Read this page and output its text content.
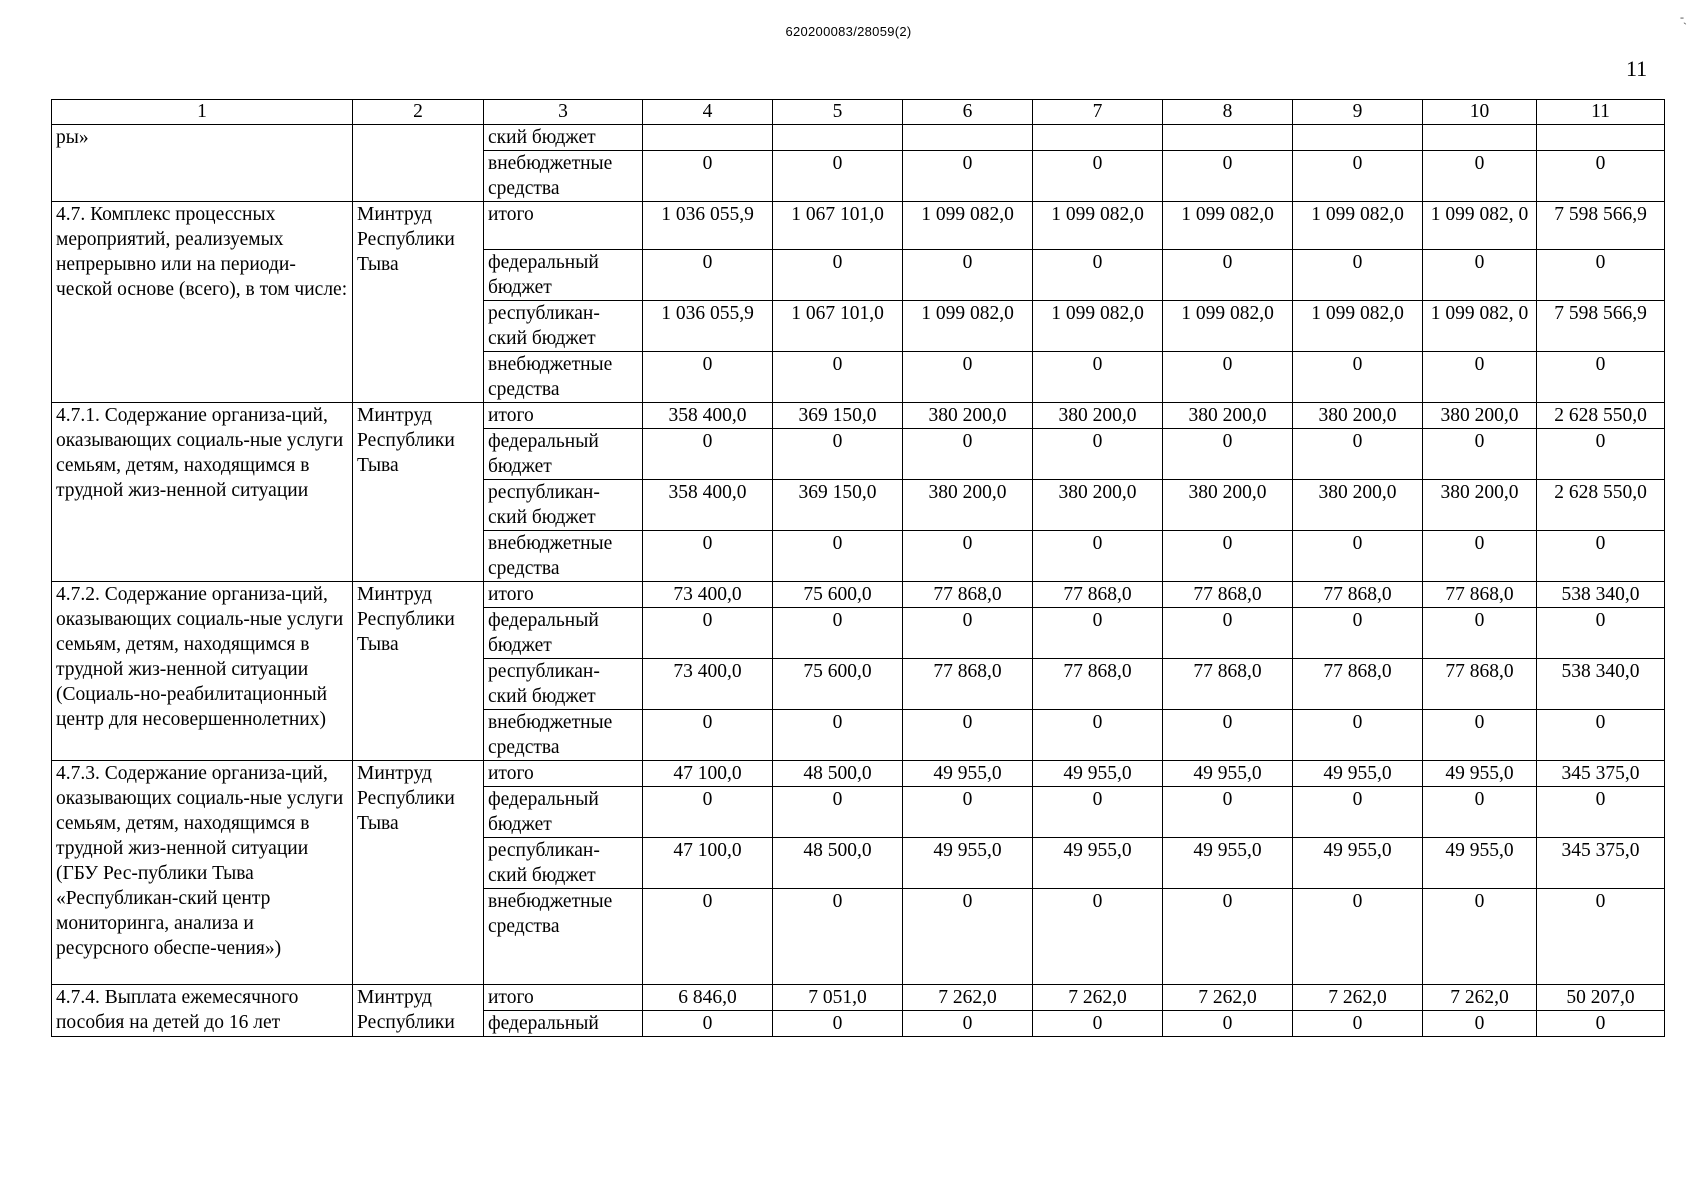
620200083/28059(2)
11
-
`
1	2	3	4	5	6	7	8	9	10	11
ры»		ский бюджет								
		внебюджетные средства	0	0	0	0	0	0	0	0
4.7. Комплекс процессных мероприятий, реализуемых непрерывно или на периоди-ческой основе (всего), в том числе:	Минтруд Республики Тыва	итого	1 036 055,9	1 067 101,0	1 099 082,0	1 099 082,0	1 099 082,0	1 099 082,0	1 099 082, 0	7 598 566,9
		федеральный бюджет	0	0	0	0	0	0	0	0
		республикан-ский бюджет	1 036 055,9	1 067 101,0	1 099 082,0	1 099 082,0	1 099 082,0	1 099 082,0	1 099 082, 0	7 598 566,9
		внебюджетные средства	0	0	0	0	0	0	0	0
4.7.1. Содержание организа-ций, оказывающих социаль-ные услуги семьям, детям, находящимся в трудной жиз-ненной ситуации	Минтруд Республики Тыва	итого	358 400,0	369 150,0	380 200,0	380 200,0	380 200,0	380 200,0	380 200,0	2 628 550,0
		федеральный бюджет	0	0	0	0	0	0	0	0
		республикан-ский бюджет	358 400,0	369 150,0	380 200,0	380 200,0	380 200,0	380 200,0	380 200,0	2 628 550,0
		внебюджетные средства	0	0	0	0	0	0	0	0
4.7.2. Содержание организа-ций, оказывающих социаль-ные услуги семьям, детям, находящимся в трудной жиз-ненной ситуации (Социаль-но-реабилитационный центр для несовершеннолетних)	Минтруд Республики Тыва	итого	73 400,0	75 600,0	77 868,0	77 868,0	77 868,0	77 868,0	77 868,0	538 340,0
		федеральный бюджет	0	0	0	0	0	0	0	0
		республикан-ский бюджет	73 400,0	75 600,0	77 868,0	77 868,0	77 868,0	77 868,0	77 868,0	538 340,0
		внебюджетные средства	0	0	0	0	0	0	0	0
4.7.3. Содержание организа-ций, оказывающих социаль-ные услуги семьям, детям, находящимся в трудной жиз-ненной ситуации (ГБУ Рес-публики Тыва «Республикан-ский центр мониторинга, анализа и ресурсного обеспе-чения»)	Минтруд Республики Тыва	итого	47 100,0	48 500,0	49 955,0	49 955,0	49 955,0	49 955,0	49 955,0	345 375,0
		федеральный бюджет	0	0	0	0	0	0	0	0
		республикан-ский бюджет	47 100,0	48 500,0	49 955,0	49 955,0	49 955,0	49 955,0	49 955,0	345 375,0
		внебюджетные средства	0	0	0	0	0	0	0	0
4.7.4. Выплата ежемесячного пособия на детей до 16 лет	Минтруд Республики	итого	6 846,0	7 051,0	7 262,0	7 262,0	7 262,0	7 262,0	7 262,0	50 207,0
		федеральный	0	0	0	0	0	0	0	0
